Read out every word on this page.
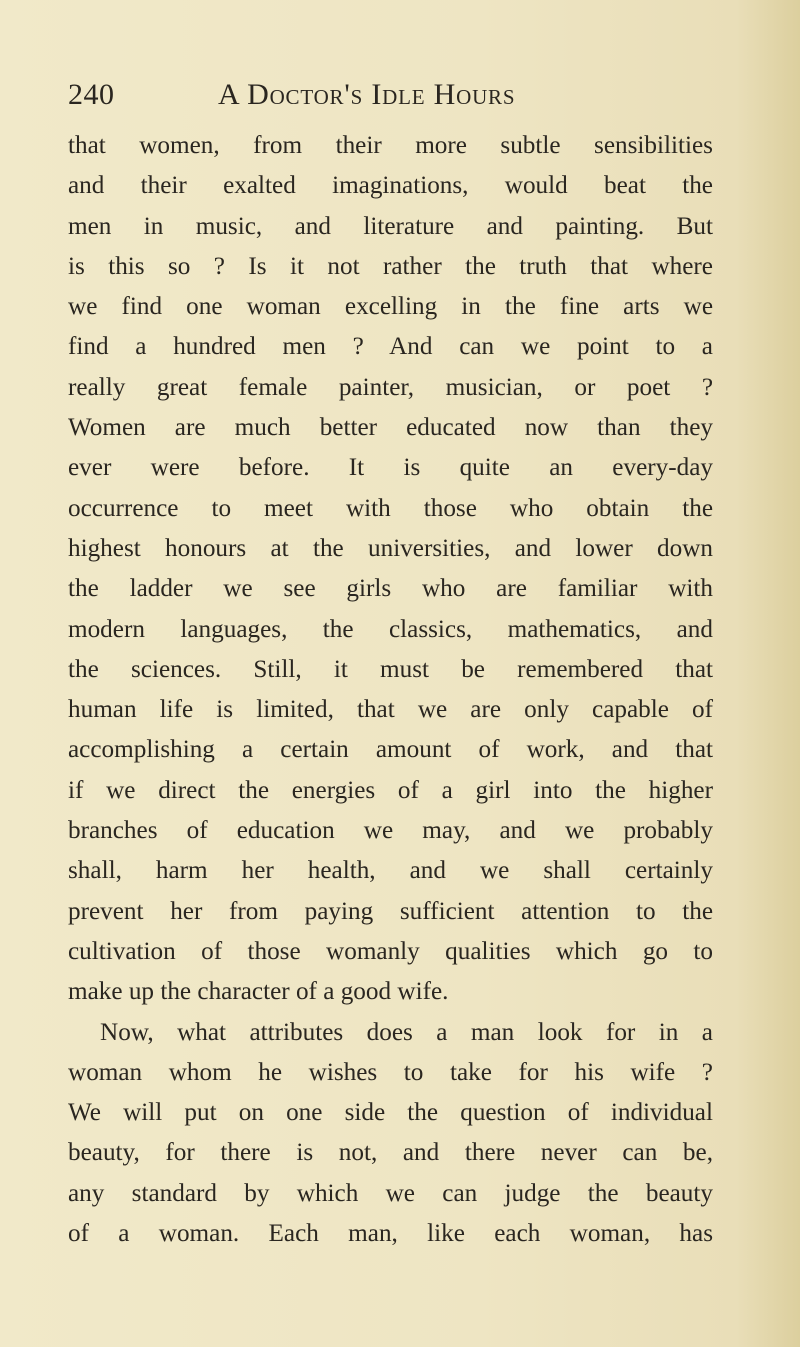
240	A Doctor's Idle Hours
that women, from their more subtle sensibilities
and their exalted imaginations, would beat the
men in music, and literature and painting. But
is this so ? Is it not rather the truth that where
we find one woman excelling in the fine arts we
find a hundred men ? And can we point to a
really great female painter, musician, or poet ?
Women are much better educated now than they
ever were before. It is quite an every-day
occurrence to meet with those who obtain the
highest honours at the universities, and lower down
the ladder we see girls who are familiar with
modern languages, the classics, mathematics, and
the sciences. Still, it must be remembered that
human life is limited, that we are only capable of
accomplishing a certain amount of work, and that
if we direct the energies of a girl into the higher
branches of education we may, and we probably
shall, harm her health, and we shall certainly
prevent her from paying sufficient attention to the
cultivation of those womanly qualities which go to
make up the character of a good wife.
Now, what attributes does a man look for in a
woman whom he wishes to take for his wife ?
We will put on one side the question of individual
beauty, for there is not, and there never can be,
any standard by which we can judge the beauty
of a woman. Each man, like each woman, has
